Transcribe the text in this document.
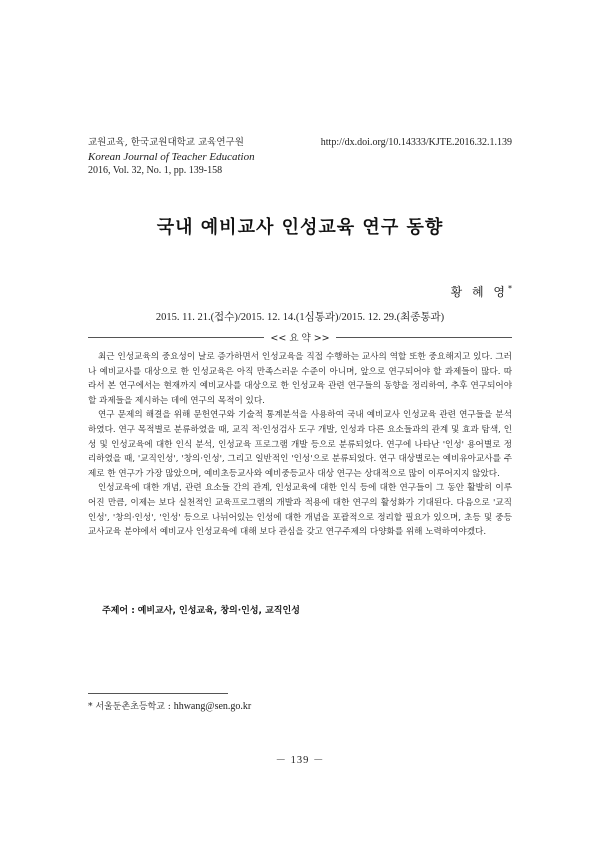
교원교육, 한국교원대학교 교육연구원
Korean Journal of Teacher Education
2016, Vol. 32, No. 1, pp. 139-158
http://dx.doi.org/10.14333/KJTE.2016.32.1.139
국내 예비교사 인성교육 연구 동향
황 혜 영*
2015. 11. 21.(접수)/2015. 12. 14.(1심통과)/2015. 12. 29.(최종통과)
<< 요 약 >>

최근 인성교육의 중요성이 날로 증가하면서 인성교육을 직접 수행하는 교사의 역할 또한 중요해지고 있다. 그러나 예비교사를 대상으로 한 인성교육은 아직 만족스러운 수준이 아니며, 앞으로 연구되어야 할 과제들이 많다. 따라서 본 연구에서는 현재까지 예비교사를 대상으로 한 인성교육 관련 연구들의 동향을 정리하여, 추후 연구되어야 할 과제들을 제시하는 데에 연구의 목적이 있다.

연구 문제의 해결을 위해 문헌연구와 기술적 통계분석을 사용하여 국내 예비교사 인성교육 관련 연구들을 분석하였다. 연구 목적별로 분류하였을 때, 교직 적·인성검사 도구 개발, 인성과 다른 요소들과의 관계 및 효과 탐색, 인성 및 인성교육에 대한 인식 분석, 인성교육 프로그램 개발 등으로 분류되었다. 연구에 나타난 '인성' 용어별로 정리하였을 때, '교직인성', '창의·인성', 그리고 일반적인 '인성'으로 분류되었다. 연구 대상별로는 예비유아교사를 주제로 한 연구가 가장 많았으며, 예비초등교사와 예비중등교사 대상 연구는 상대적으로 많이 이루어지지 않았다.

인성교육에 대한 개념, 관련 요소들 간의 관계, 인성교육에 대한 인식 등에 대한 연구들이 그 동안 활발히 이루어진 만큼, 이제는 보다 실천적인 교육프로그램의 개발과 적용에 대한 연구의 활성화가 기대된다. 다음으로 '교직인성', '창의·인성', '인성' 등으로 나뉘어있는 인성에 대한 개념을 포괄적으로 정리할 필요가 있으며, 초등 및 중등 교사교육 분야에서 예비교사 인성교육에 대해 보다 관심을 갖고 연구주제의 다양화를 위해 노력하여야겠다.

주제어 : 예비교사, 인성교육, 창의·인성, 교직인성
* 서울둔촌초등학교 : hhwang@sen.go.kr
－ 139 －
